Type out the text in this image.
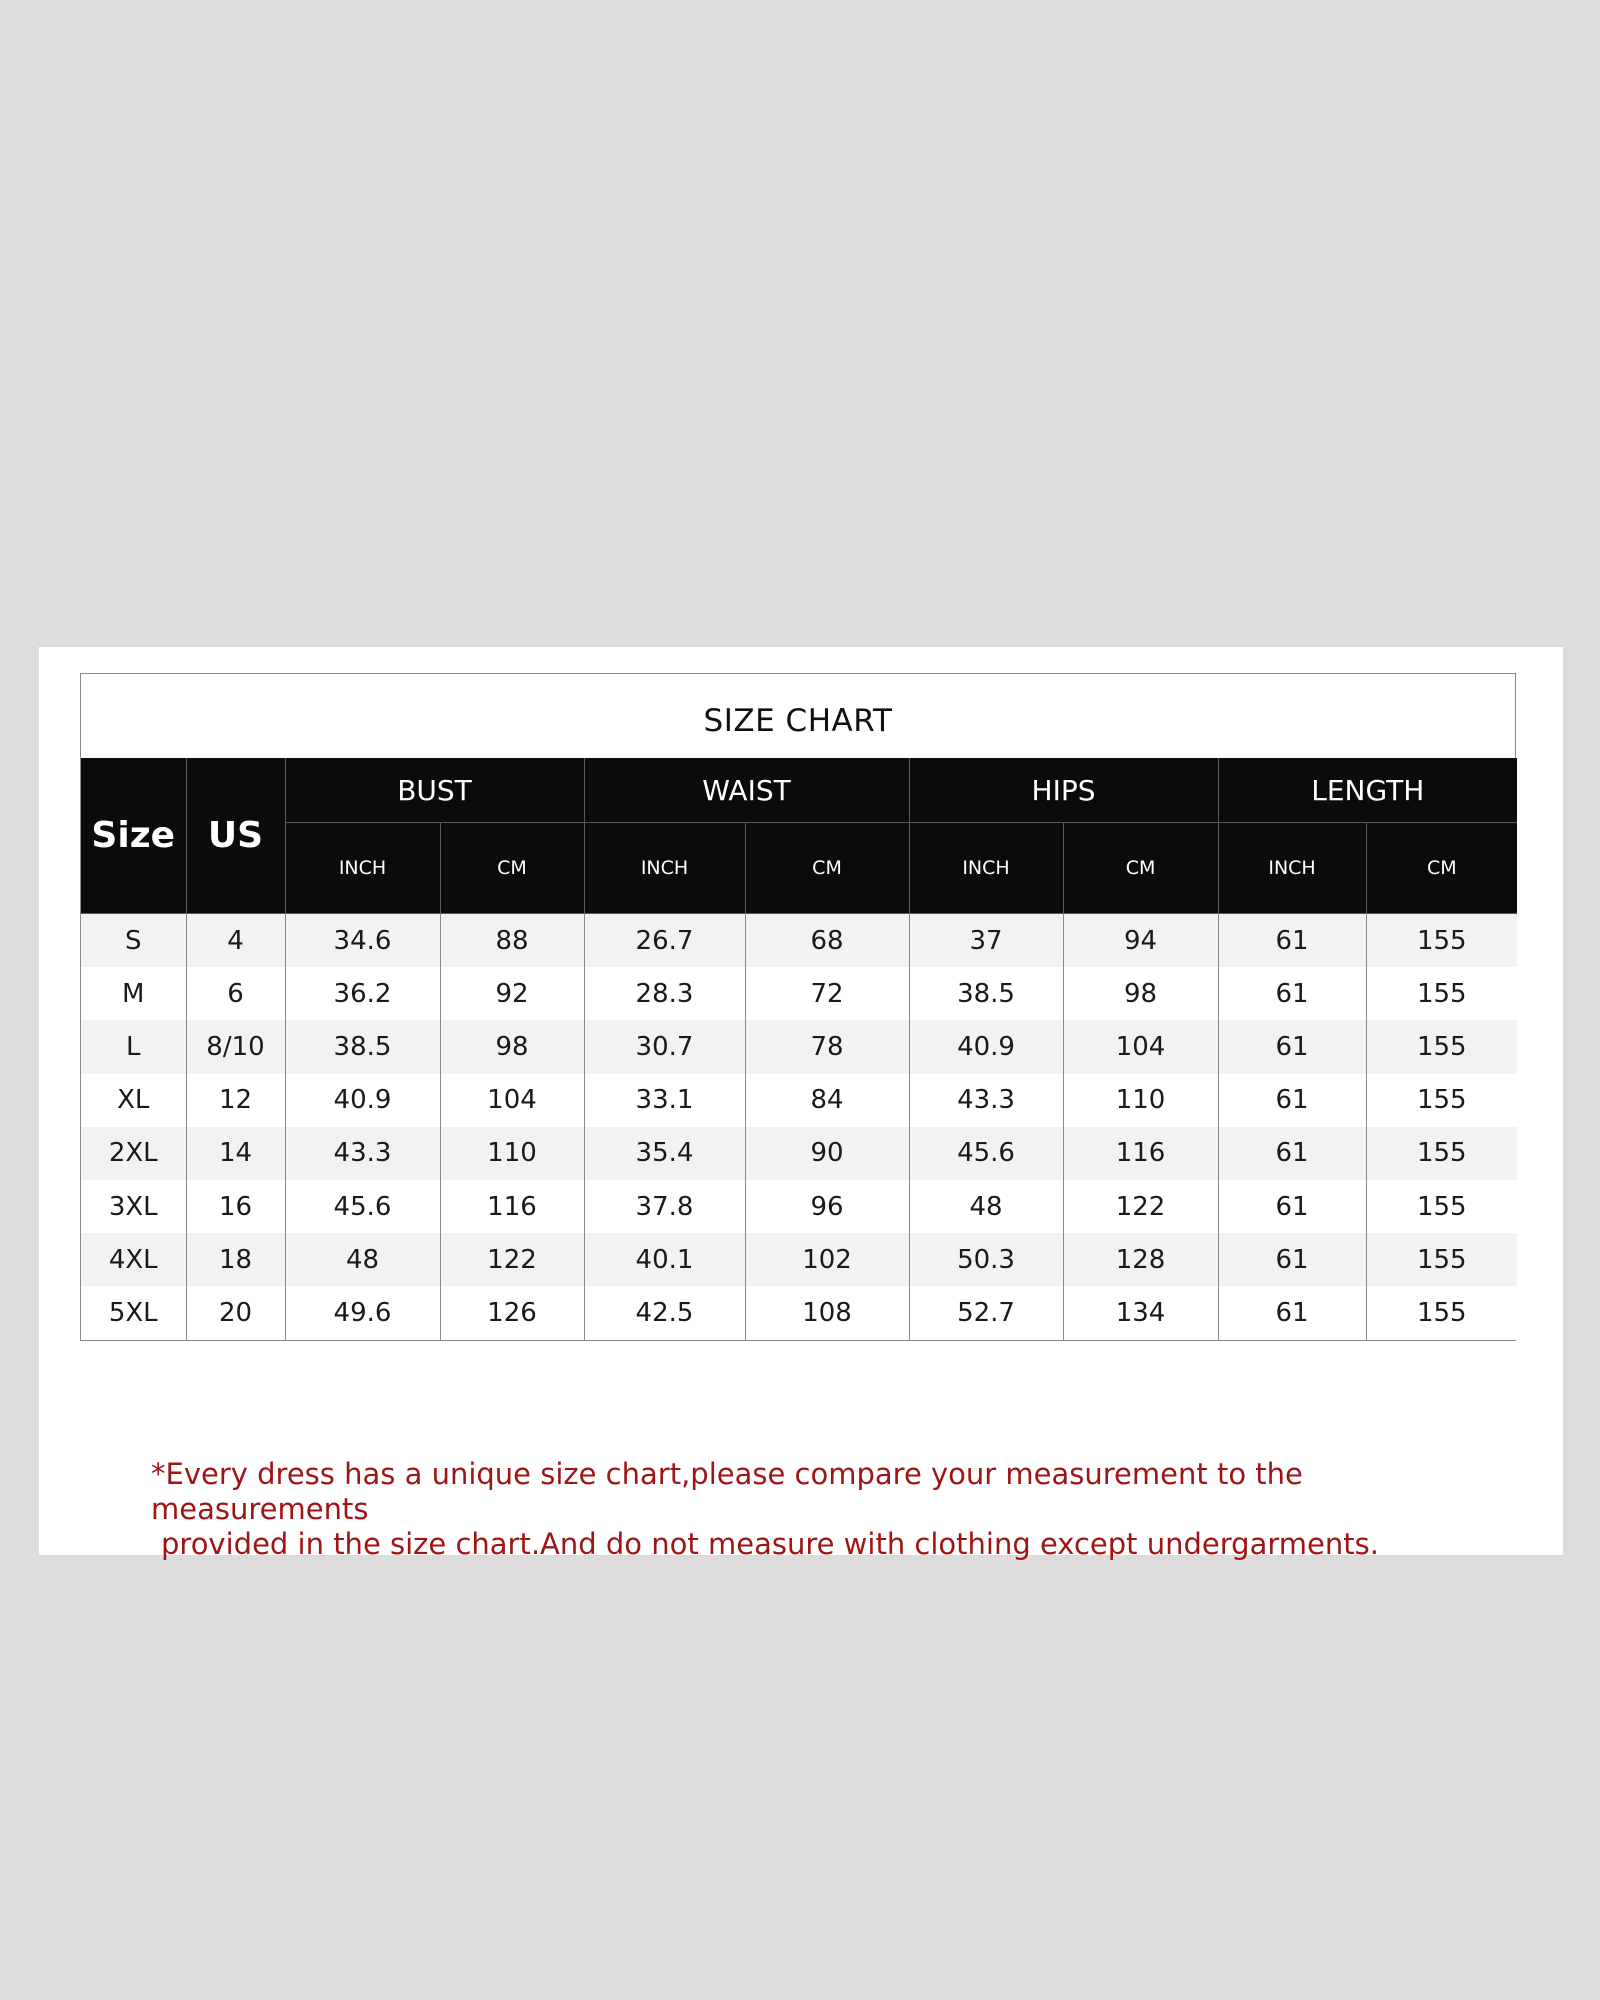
SIZE CHART
Size	US	BUST		WAIST		HIPS		LENGTH	
		INCH	CM	INCH	CM	INCH	CM	INCH	CM
S	4	34.6	88	26.7	68	37	94	61	155
M	6	36.2	92	28.3	72	38.5	98	61	155
L	8/10	38.5	98	30.7	78	40.9	104	61	155
XL	12	40.9	104	33.1	84	43.3	110	61	155
2XL	14	43.3	110	35.4	90	45.6	116	61	155
3XL	16	45.6	116	37.8	96	48	122	61	155
4XL	18	48	122	40.1	102	50.3	128	61	155
5XL	20	49.6	126	42.5	108	52.7	134	61	155
*Every dress has a unique size chart,please compare your measurement to the measurements
provided in the size chart.And do not measure with clothing except undergarments.
